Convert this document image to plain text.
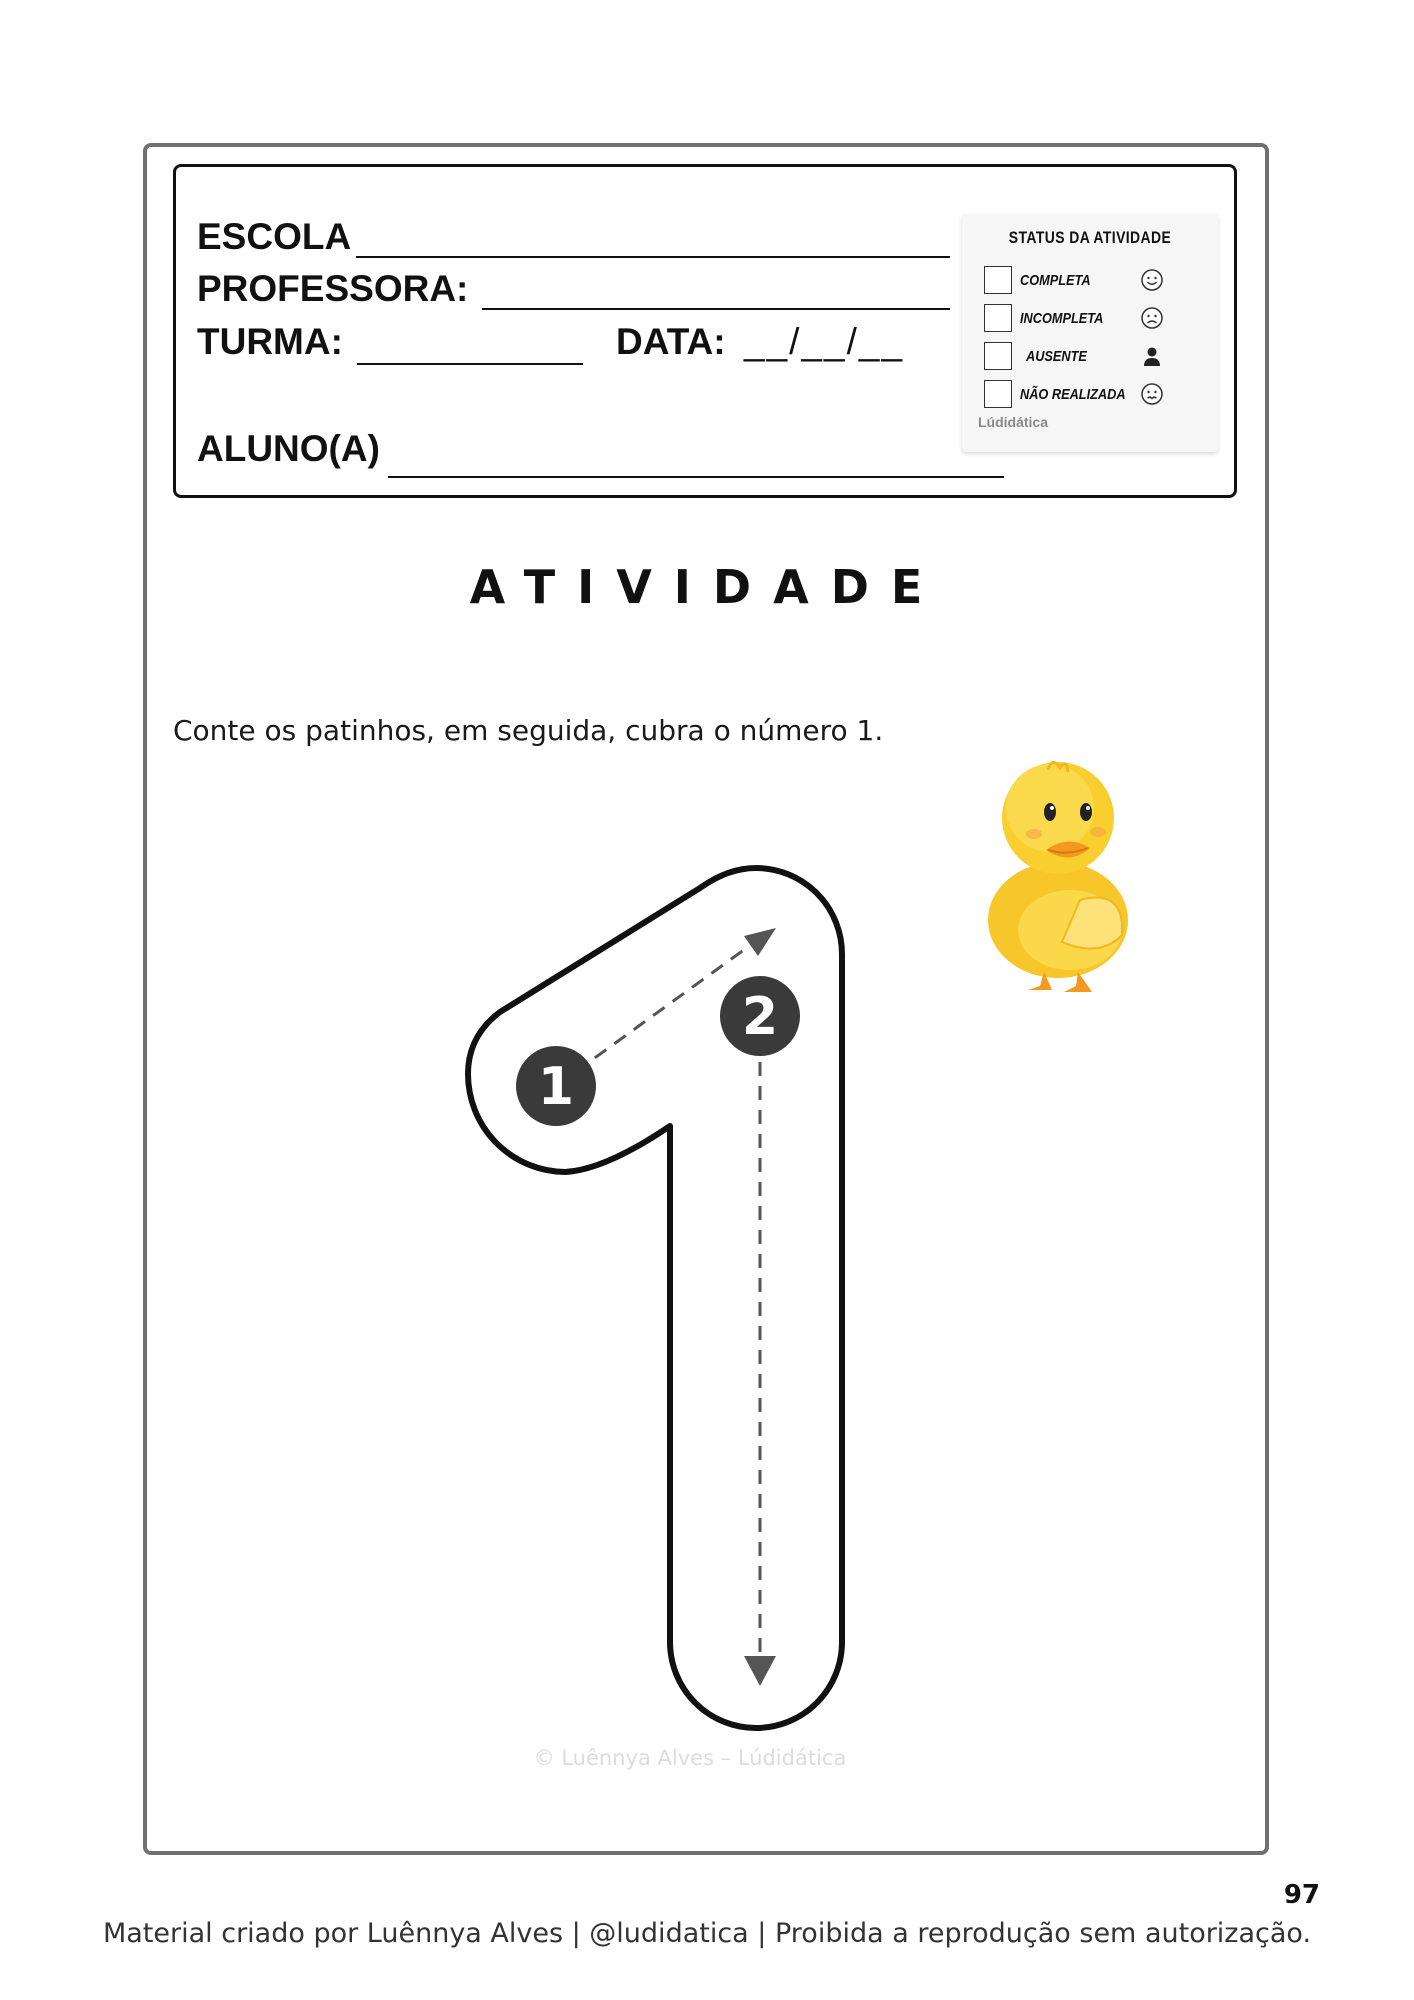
ESCOLA
PROFESSORA:
TURMA:	DATA: __/__/__
ALUNO(A)
STATUS DA ATIVIDADE
COMPLETA
INCOMPLETA
AUSENTE
NÃO REALIZADA
Lúdidática
ATIVIDADE
Conte os patinhos, em seguida, cubra o número 1.
1
2
© Luênnya Alves – Lúdidática
97
Material criado por Luênnya Alves | @ludidatica | Proibida a reprodução sem autorização.
